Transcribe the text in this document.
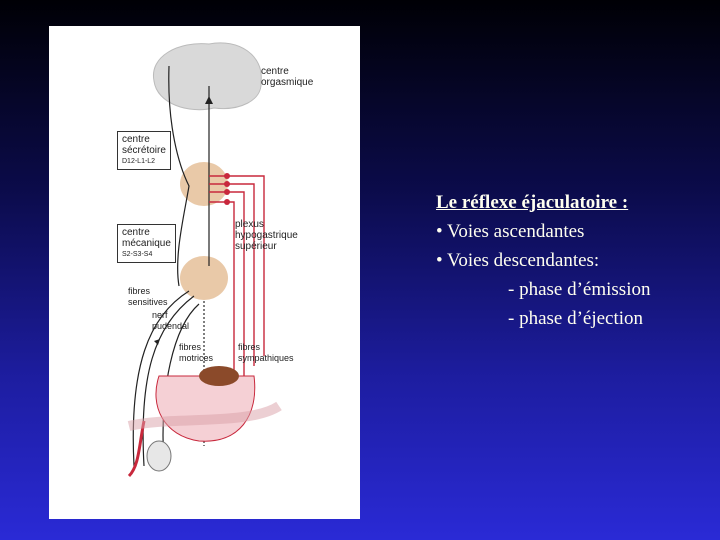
centre
orgasmique
centre
sécrétoire
D12-L1-L2
centre
mécanique
S2-S3-S4
plexus
hypogastrique
supérieur
fibres
sensitives
nerf
pudendal
fibres
motrices
fibres
sympathiques
Le réflexe éjaculatoire :
• Voies ascendantes
• Voies descendantes:
- phase d’émission
- phase d’éjection
